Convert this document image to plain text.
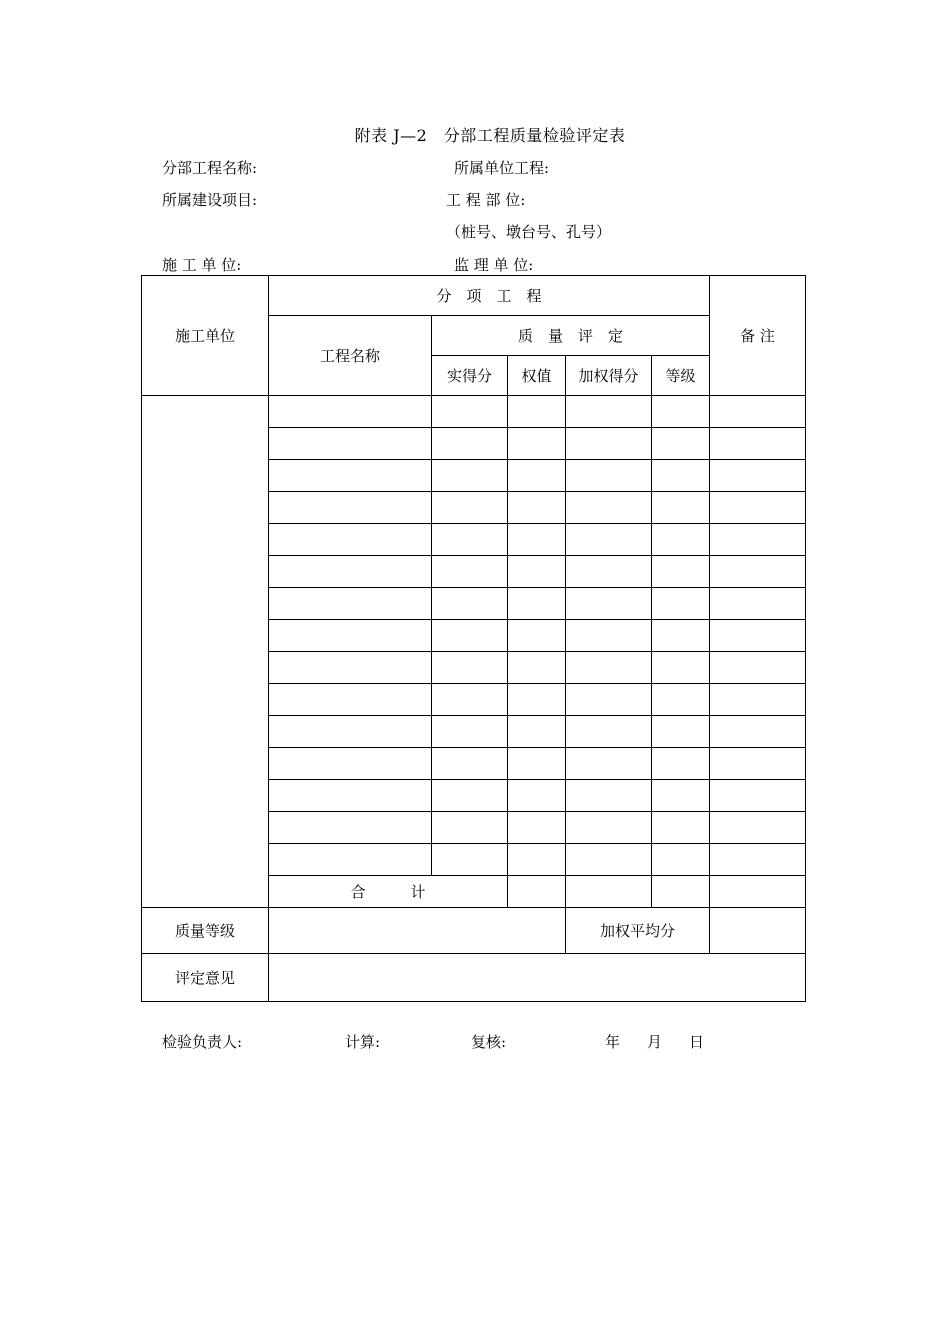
附表 J—2　分部工程质量检验评定表
分部工程名称:	所属单位工程:
所属建设项目:	工 程 部 位:
（桩号、墩台号、孔号）
施 工 单 位:	监 理 单 位:
施工单位	分　项　工　程					备 注
	工程名称	质　量　评　定				
		实得分	权值	加权得分	等级	

	合　　　计					
质量等级				加权平均分		
评定意见						
检验负责人:	计算:	复核:	年 月 日
